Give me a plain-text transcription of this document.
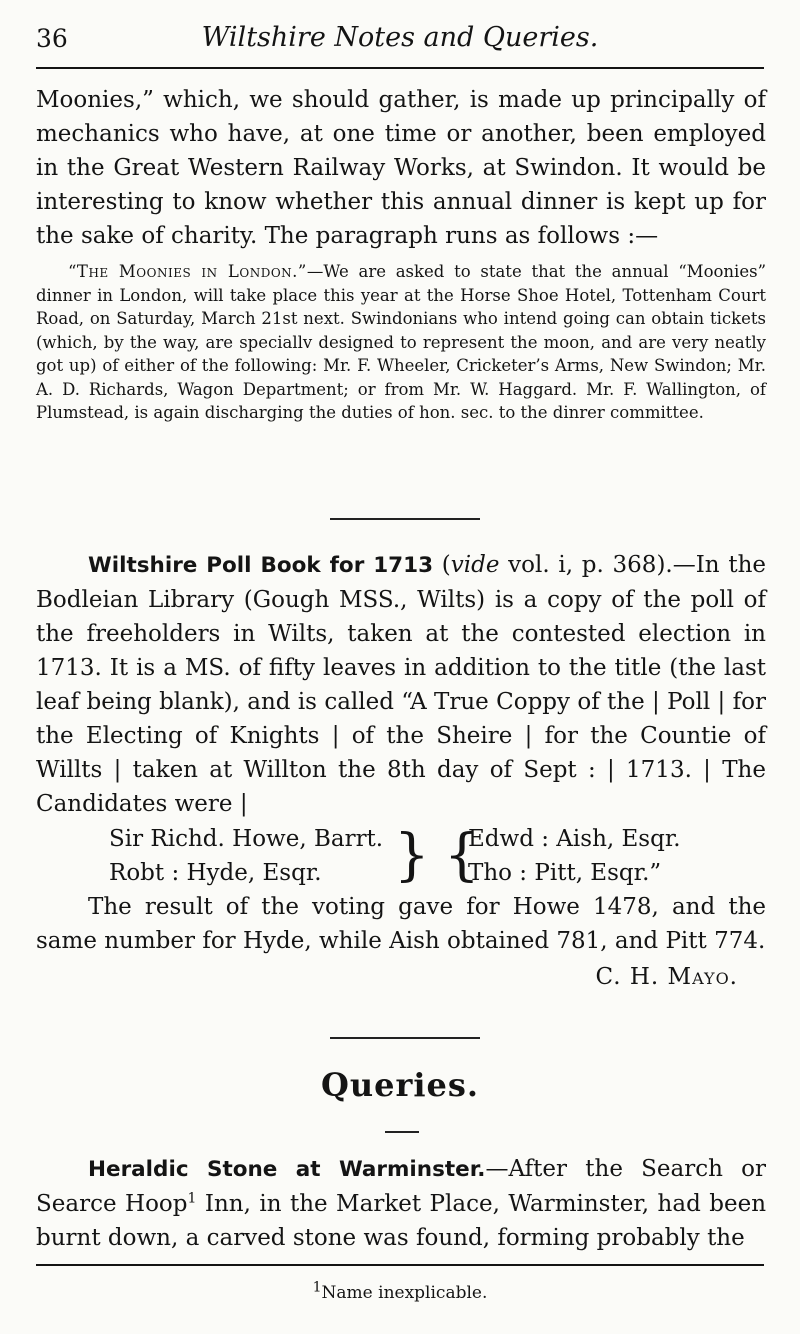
36	Wiltshire Notes and Queries.
Moonies,” which, we should gather, is made up principally of mechanics who have, at one time or another, been employed in the Great Western Railway Works, at Swindon. It would be interesting to know whether this annual dinner is kept up for the sake of charity. The paragraph runs as follows :—
“The Moonies in London.”—We are asked to state that the annual “Moonies” dinner in London, will take place this year at the Horse Shoe Hotel, Tottenham Court Road, on Saturday, March 21st next. Swindonians who intend going can obtain tickets (which, by the way, are speciallv designed to represent the moon, and are very neatly got up) of either of the following: Mr. F. Wheeler, Cricketer’s Arms, New Swindon; Mr. A. D. Richards, Wagon Department; or from Mr. W. Haggard. Mr. F. Wallington, of Plumstead, is again discharging the duties of hon. sec. to the dinrer committee.
Wiltshire Poll Book for 1713 (vide vol. i, p. 368).—In the Bodleian Library (Gough MSS., Wilts) is a copy of the poll of the freeholders in Wilts, taken at the contested election in 1713. It is a MS. of fifty leaves in addition to the title (the last leaf being blank), and is called “A True Coppy of the | Poll | for the Electing of Knights | of the Sheire | for the Countie of Willts | taken at Willton the 8th day of Sept : | 1713. | The Candidates were |
Sir Richd. Howe, Barrt.
Robt : Hyde, Esqr.	} {
Edwd : Aish, Esqr.
Tho : Pitt, Esqr.”
The result of the voting gave for Howe 1478, and the same number for Hyde, while Aish obtained 781, and Pitt 774.
C. H. Mayo.
Queries.
Heraldic Stone at Warminster.—After the Search or Searce Hoop$^1$ Inn, in the Market Place, Warminster, had been burnt down, a carved stone was found, forming probably the
$^1$Name inexplicable.
